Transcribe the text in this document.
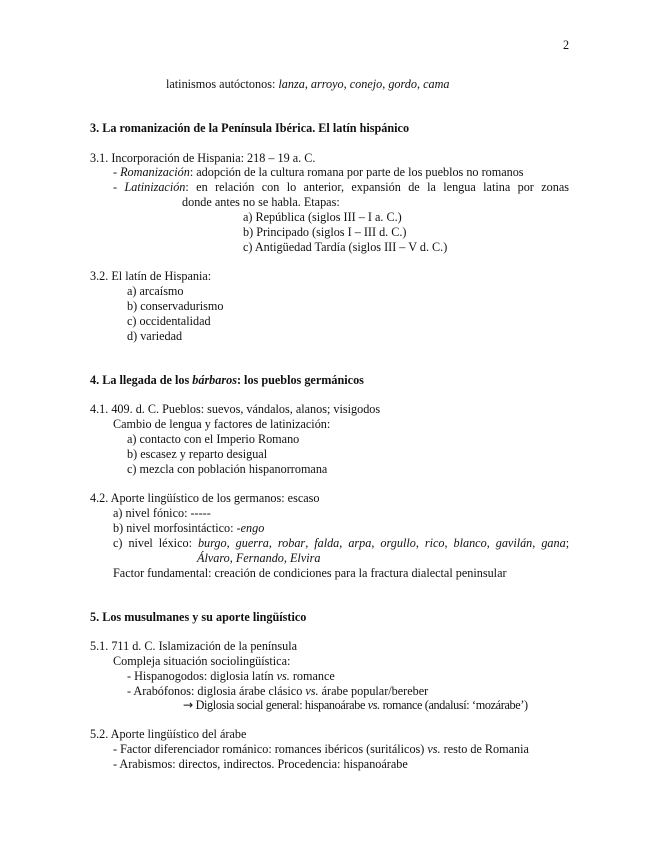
2
latinismos autóctonos: lanza, arroyo, conejo, gordo, cama
3. La romanización de la Península Ibérica. El latín hispánico
3.1. Incorporación de Hispania: 218 – 19 a. C.
- Romanización: adopción de la cultura romana por parte de los pueblos no romanos
- Latinización: en relación con lo anterior, expansión de la lengua latina por zonas
donde antes no se habla. Etapas:
a) República (siglos III – I a. C.)
b) Principado (siglos I – III d. C.)
c) Antigüedad Tardía (siglos III – V d. C.)
3.2. El latín de Hispania:
a) arcaísmo
b) conservadurismo
c) occidentalidad
d) variedad
4. La llegada de los bárbaros: los pueblos germánicos
4.1. 409. d. C. Pueblos: suevos, vándalos, alanos; visigodos
Cambio de lengua y factores de latinización:
a) contacto con el Imperio Romano
b) escasez y reparto desigual
c) mezcla con población hispanorromana
4.2. Aporte lingüístico de los germanos: escaso
a) nivel fónico: -----
b) nivel morfosintáctico: -engo
c) nivel léxico: burgo, guerra, robar, falda, arpa, orgullo, rico, blanco, gavilán, gana;
Álvaro, Fernando, Elvira
Factor fundamental: creación de condiciones para la fractura dialectal peninsular
5. Los musulmanes y su aporte lingüístico
5.1. 711 d. C. Islamización de la península
Compleja situación sociolingüística:
- Hispanogodos: diglosia latín vs. romance
- Arabófonos: diglosia árabe clásico vs. árabe popular/bereber
→ Diglosia social general: hispanoárabe vs. romance (andalusí: ‘mozárabe’)
5.2. Aporte lingüístico del árabe
- Factor diferenciador románico: romances ibéricos (suritálicos) vs. resto de Romania
- Arabismos: directos, indirectos. Procedencia: hispanoárabe
